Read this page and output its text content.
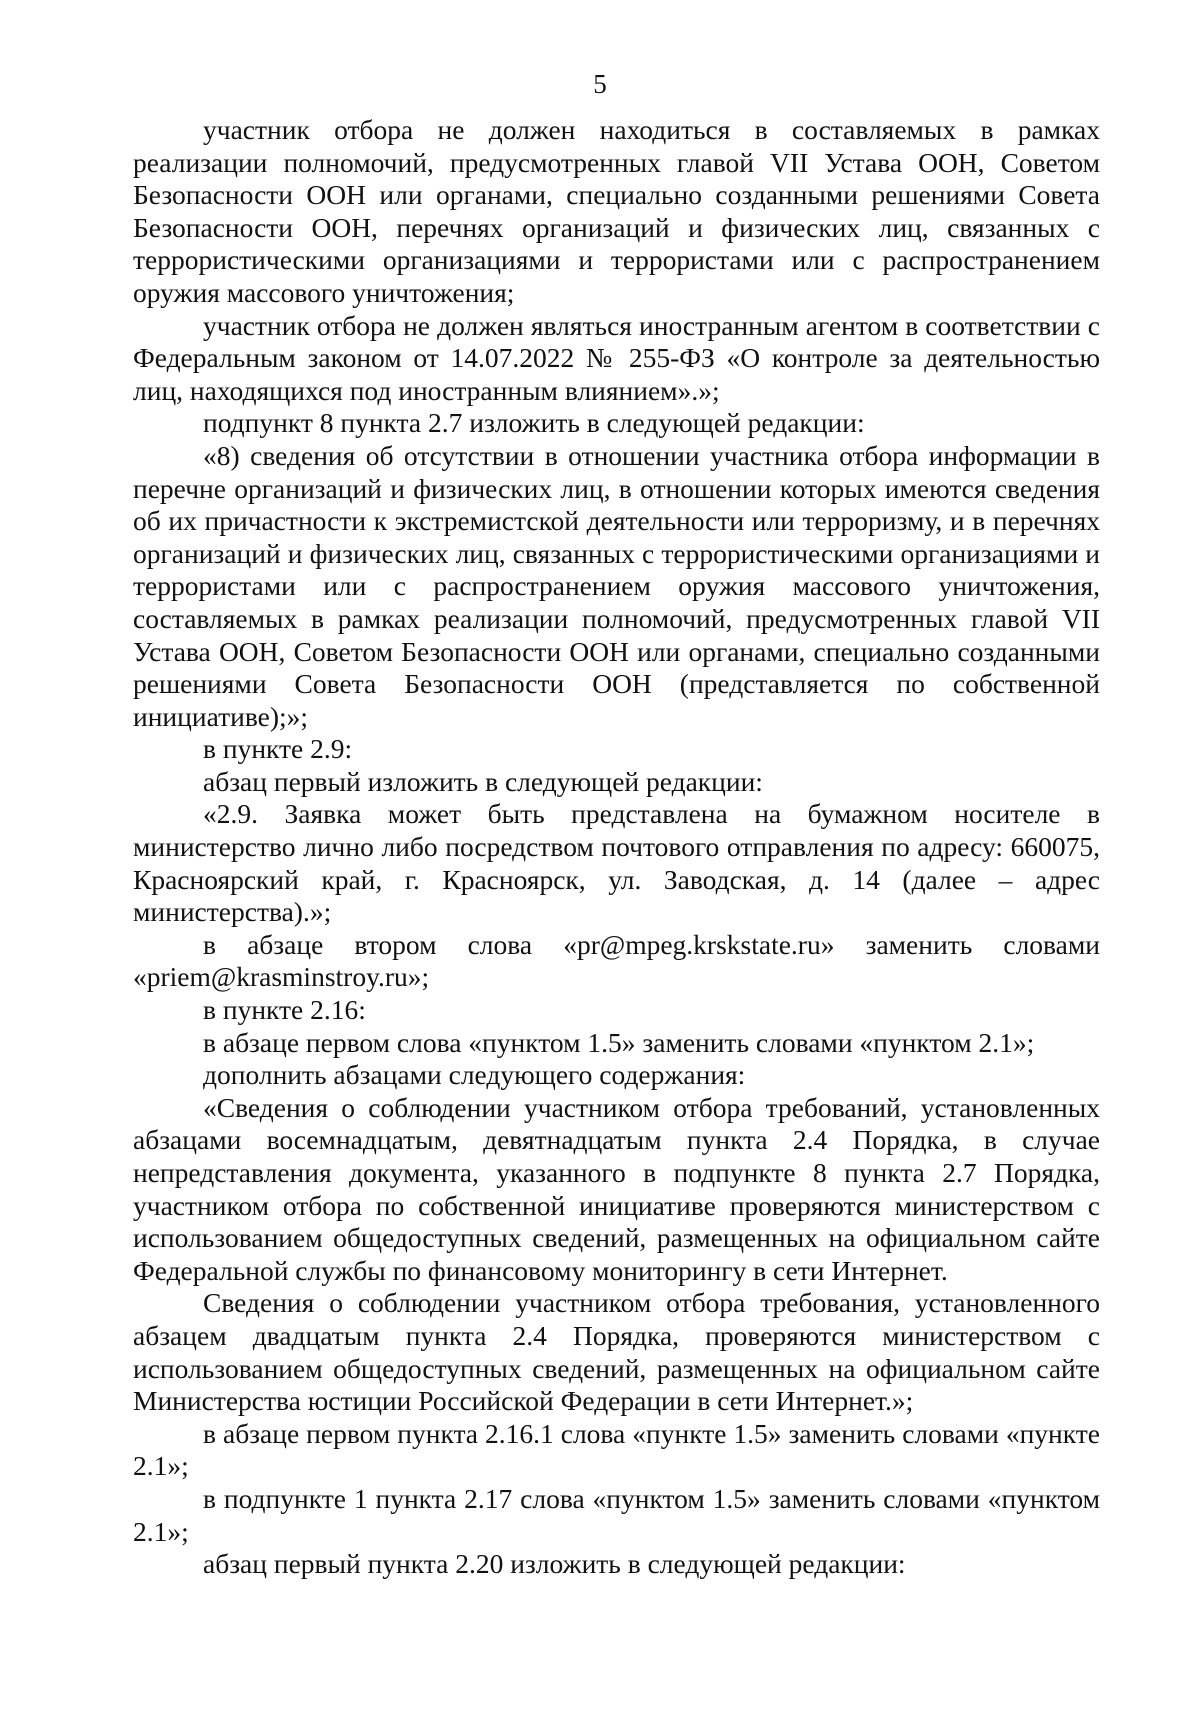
5

участник отбора не должен находиться в составляемых в рамках реализации полномочий, предусмотренных главой VII Устава ООН, Советом Безопасности ООН или органами, специально созданными решениями Совета Безопасности ООН, перечнях организаций и физических лиц, связанных с террористическими организациями и террористами или с распространением оружия массового уничтожения;

участник отбора не должен являться иностранным агентом в соответствии с Федеральным законом от 14.07.2022 № 255-ФЗ «О контроле за деятельностью лиц, находящихся под иностранным влиянием».»;

подпункт 8 пункта 2.7 изложить в следующей редакции:

«8) сведения об отсутствии в отношении участника отбора информации в перечне организаций и физических лиц, в отношении которых имеются сведения об их причастности к экстремистской деятельности или терроризму, и в перечнях организаций и физических лиц, связанных с террористическими организациями и террористами или с распространением оружия массового уничтожения, составляемых в рамках реализации полномочий, предусмотренных главой VII Устава ООН, Советом Безопасности ООН или органами, специально созданными решениями Совета Безопасности ООН (представляется по собственной инициативе);»;

в пункте 2.9:

абзац первый изложить в следующей редакции:

«2.9. Заявка может быть представлена на бумажном носителе в министерство лично либо посредством почтового отправления по адресу: 660075, Красноярский край, г. Красноярск, ул. Заводская, д. 14 (далее – адрес министерства).»;

в абзаце втором слова «pr@mpeg.krskstate.ru» заменить словами «priem@krasminstroy.ru»;

в пункте 2.16:

в абзаце первом слова «пунктом 1.5» заменить словами «пунктом 2.1»;

дополнить абзацами следующего содержания:

«Сведения о соблюдении участником отбора требований, установленных абзацами восемнадцатым, девятнадцатым пункта 2.4 Порядка, в случае непредставления документа, указанного в подпункте 8 пункта 2.7 Порядка, участником отбора по собственной инициативе проверяются министерством с использованием общедоступных сведений, размещенных на официальном сайте Федеральной службы по финансовому мониторингу в сети Интернет.

Сведения о соблюдении участником отбора требования, установленного абзацем двадцатым пункта 2.4 Порядка, проверяются министерством с использованием общедоступных сведений, размещенных на официальном сайте Министерства юстиции Российской Федерации в сети Интернет.»;

в абзаце первом пункта 2.16.1 слова «пункте 1.5» заменить словами «пункте 2.1»;

в подпункте 1 пункта 2.17 слова «пунктом 1.5» заменить словами «пунктом 2.1»;

абзац первый пункта 2.20 изложить в следующей редакции:
